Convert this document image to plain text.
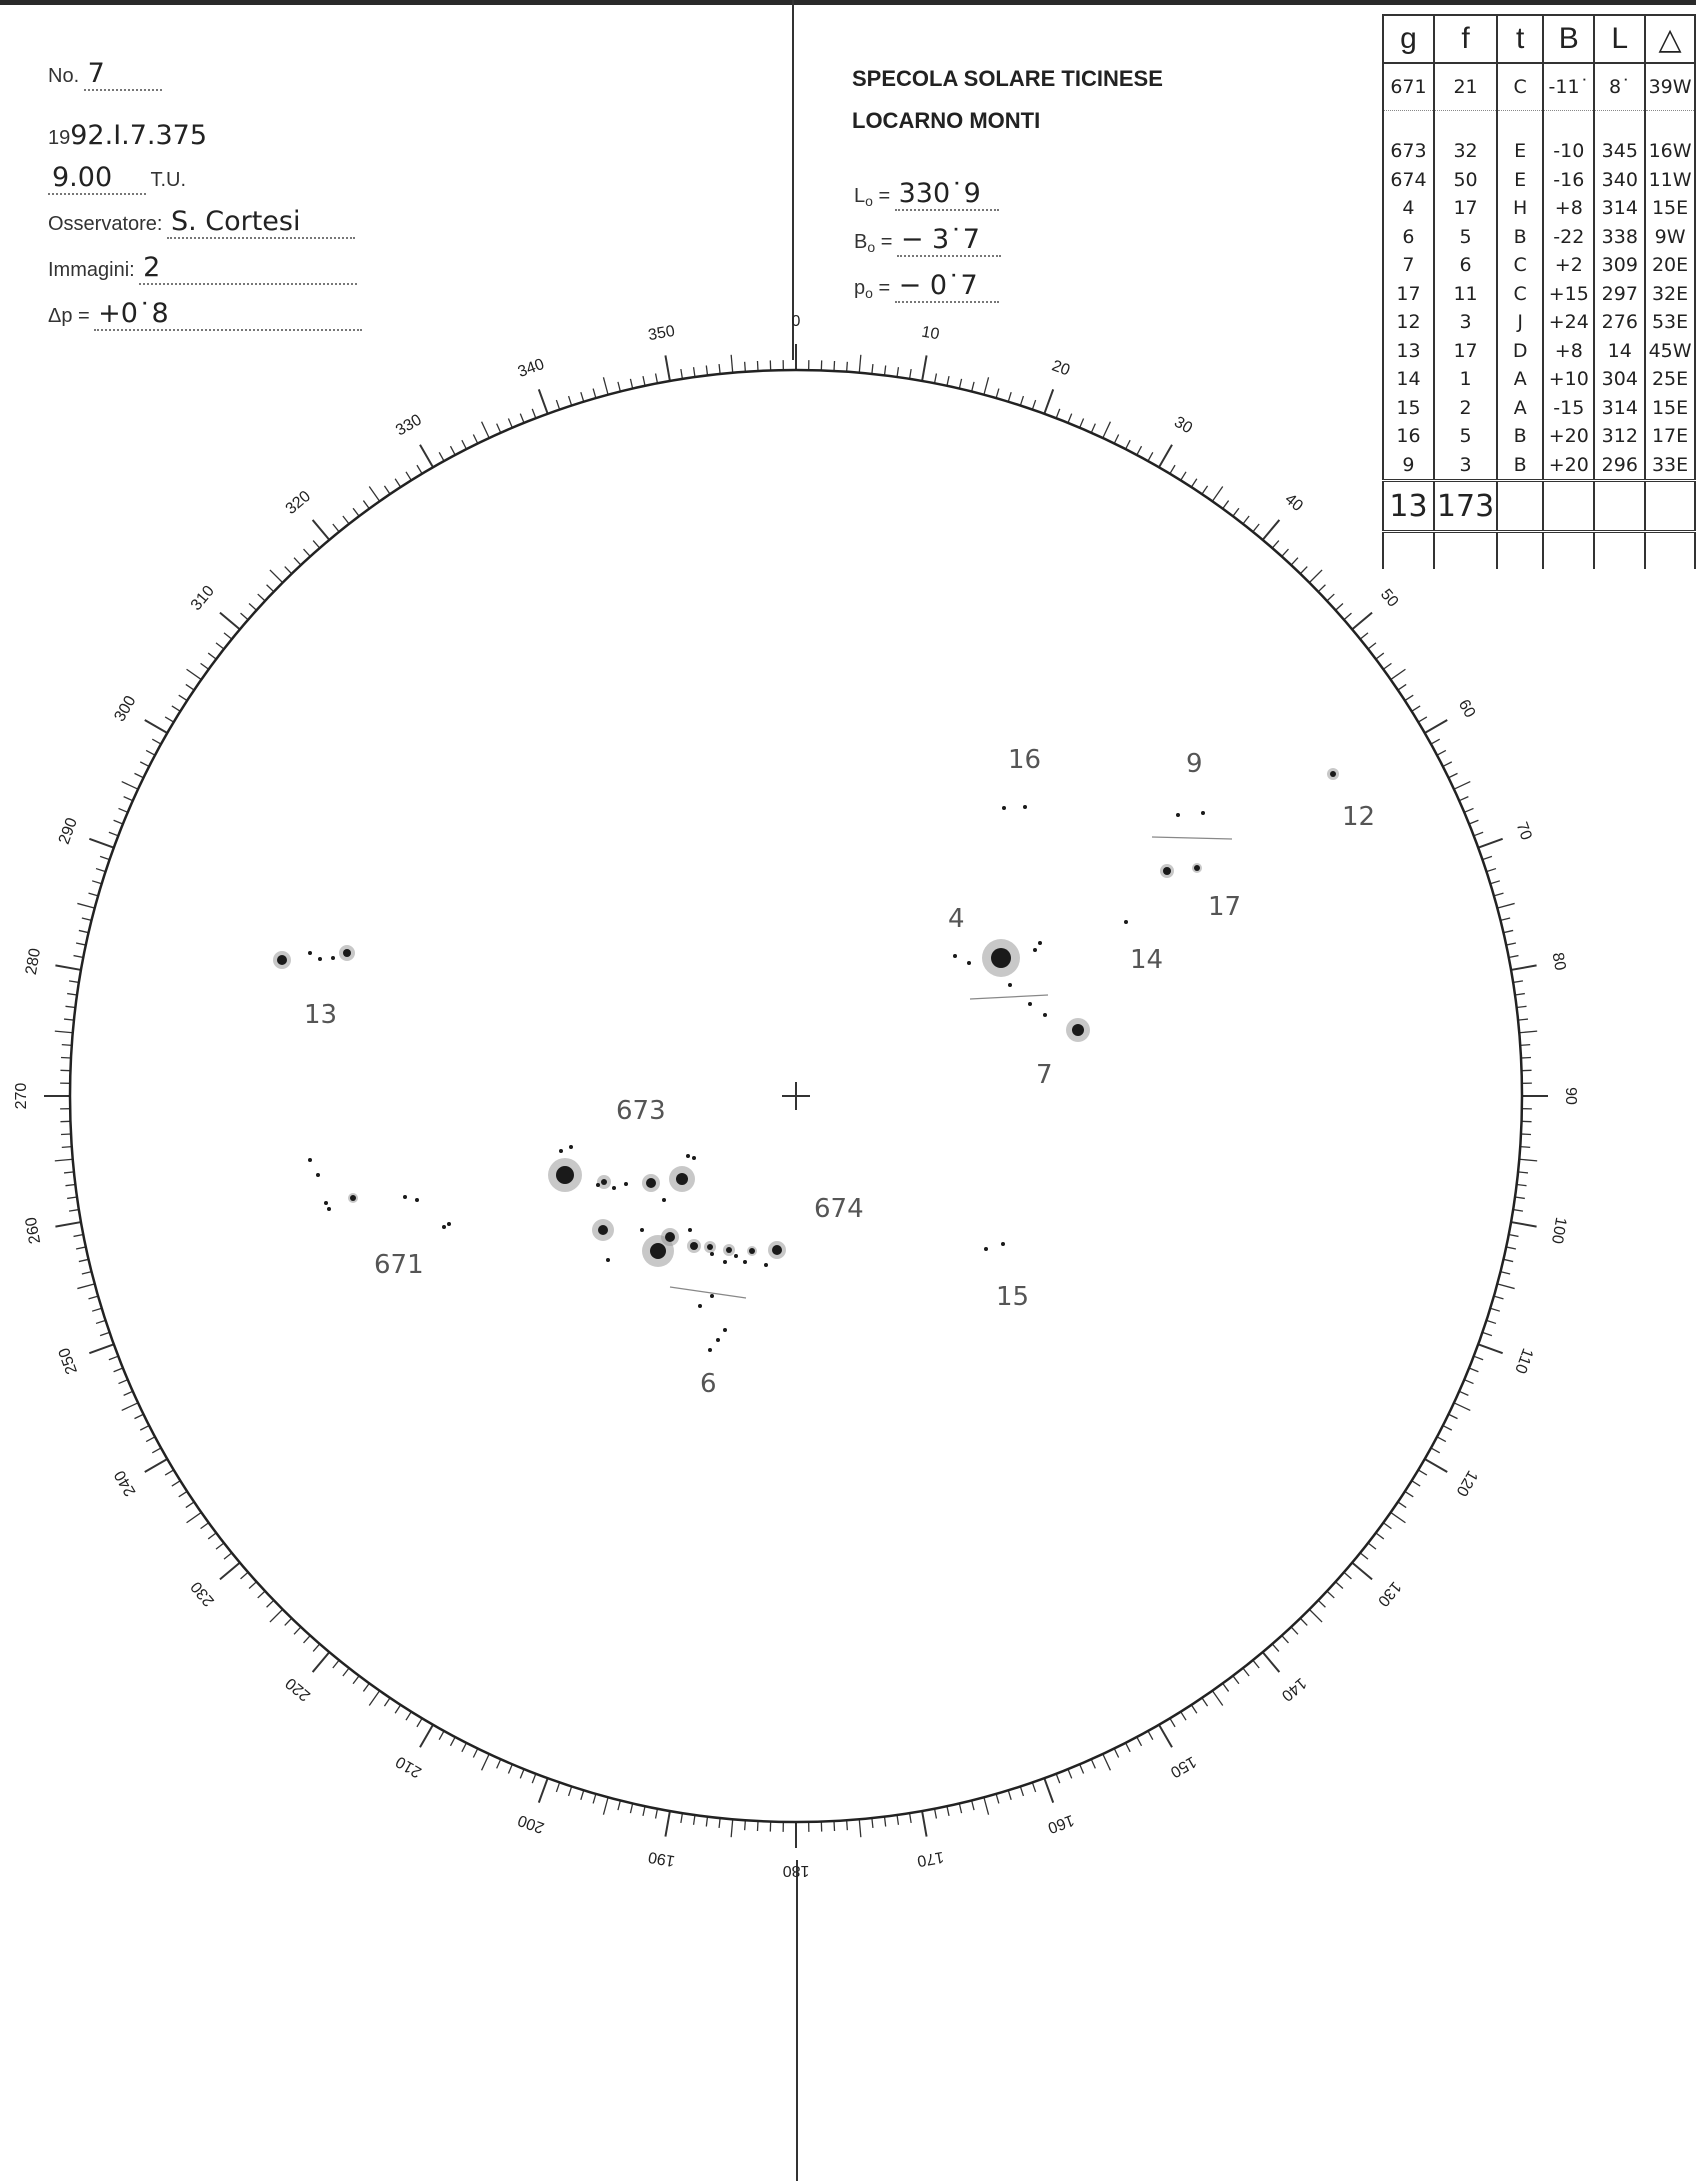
No. 7
1992.I.7.375
9.00 T.U.
Osservatore: S. Cortesi
Immagini: 2
Δp = +0˙8
SPECOLA SOLARE TICINESE
LOCARNO MONTI
$L_o$ = 330˙9
$B_o$ = − 3˙7
$p_o$ = − 0˙7
g	f	t	B	L	△
671	21	C	-11˙	8˙	39W

673	32	E	-10	345	16W
674	50	E	-16	340	11W
4	17	H	+8	314	15E
6	5	B	-22	338	9W
7	6	C	+2	309	20E
17	11	C	+15	297	32E
12	3	J	+24	276	53E
13	17	D	+8	14	45W
14	1	A	+10	304	25E
15	2	A	-15	314	15E
16	5	B	+20	312	17E
9	3	B	+20	296	33E
13	173				

0
10
20
30
40
50
60
70
80
90
100
110
120
130
140
150
160
170
180
190
200
210
220
230
240
250
260
270
280
290
300
310
320
330
340
350
16	9
12
17
4
14
7
13
673
674
671
15
6
